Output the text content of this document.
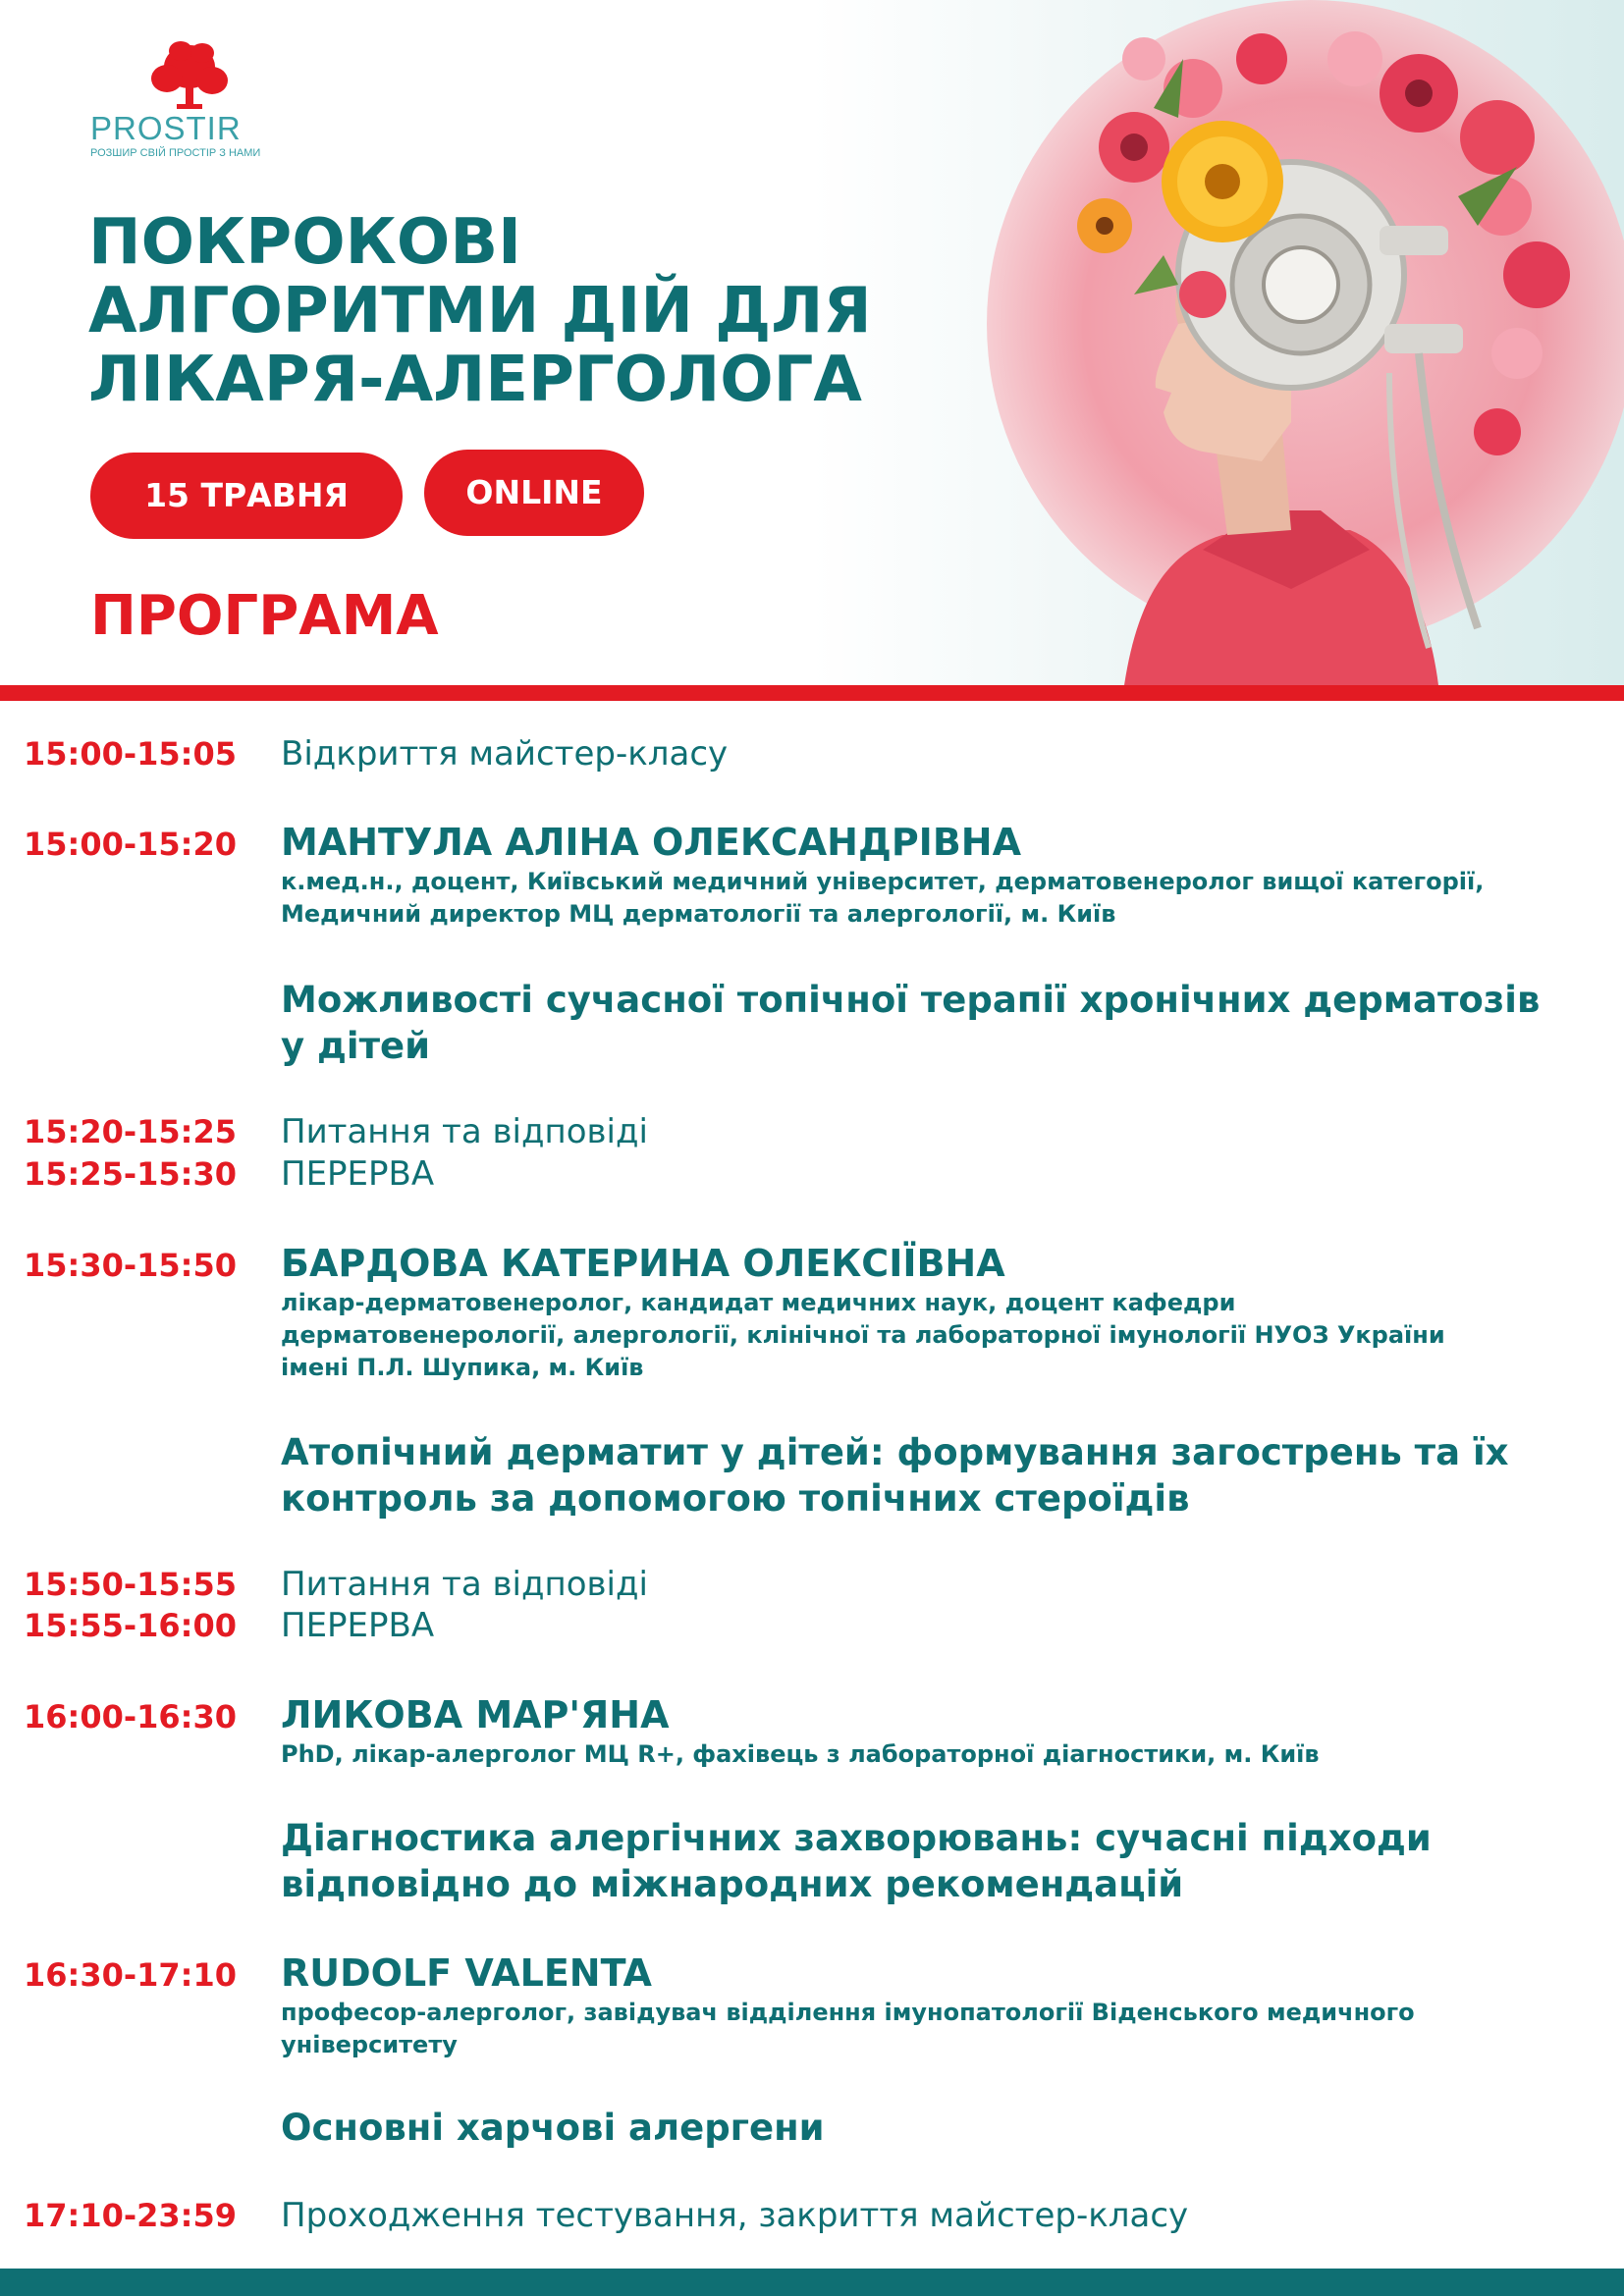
PROSTIR
РОЗШИР СВІЙ ПРОСТІР З НАМИ
ПОКРОКОВІ
АЛГОРИТМИ ДІЙ ДЛЯ
ЛІКАРЯ-АЛЕРГОЛОГА
15 ТРАВНЯ	ONLINE
ПРОГРАМА
15:00-15:05	Відкриття майстер-класу
15:00-15:20	МАНТУЛА АЛІНА ОЛЕКСАНДРІВНА
к.мед.н., доцент, Київський медичний університет, дерматовенеролог вищої категорії,
Медичний директор МЦ дерматології та алергології, м. Київ
Можливості сучасної топічної терапії хронічних дерматозів
у дітей
15:20-15:25	Питання та відповіді
15:25-15:30	ПЕРЕРВА
15:30-15:50	БАРДОВА КАТЕРИНА ОЛЕКСІЇВНА
лікар-дерматовенеролог, кандидат медичних наук, доцент кафедри
дерматовенерології, алергології, клінічної та лабораторної імунології НУОЗ України
імені П.Л. Шупика, м. Київ
Атопічний дерматит у дітей: формування загострень та їх
контроль за допомогою топічних стероїдів
15:50-15:55	Питання та відповіді
15:55-16:00	ПЕРЕРВА
16:00-16:30	ЛИКОВА МАР'ЯНА
PhD, лікар-алерголог МЦ R+, фахівець з лабораторної діагностики, м. Київ
Діагностика алергічних захворювань: сучасні підходи
відповідно до міжнародних рекомендацій
16:30-17:10	RUDOLF VALENTA
професор-алерголог, завідувач відділення імунопатології Віденського медичного
університету
Основні харчові алергени
17:10-23:59	Проходження тестування, закриття майстер-класу
